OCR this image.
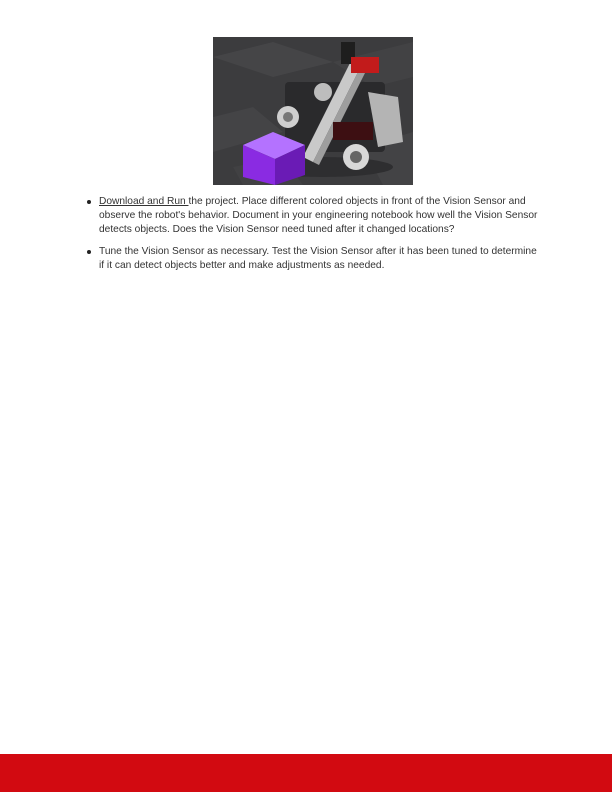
Download and Run the project. Place different colored objects in front of the Vision Sensor and observe the robot's behavior. Document in your engineering notebook how well the Vision Sensor detects objects. Does the Vision Sensor need tuned after it changed locations?
Tune the Vision Sensor as necessary. Test the Vision Sensor after it has been tuned to determine if it can detect objects better and make adjustments as needed.
